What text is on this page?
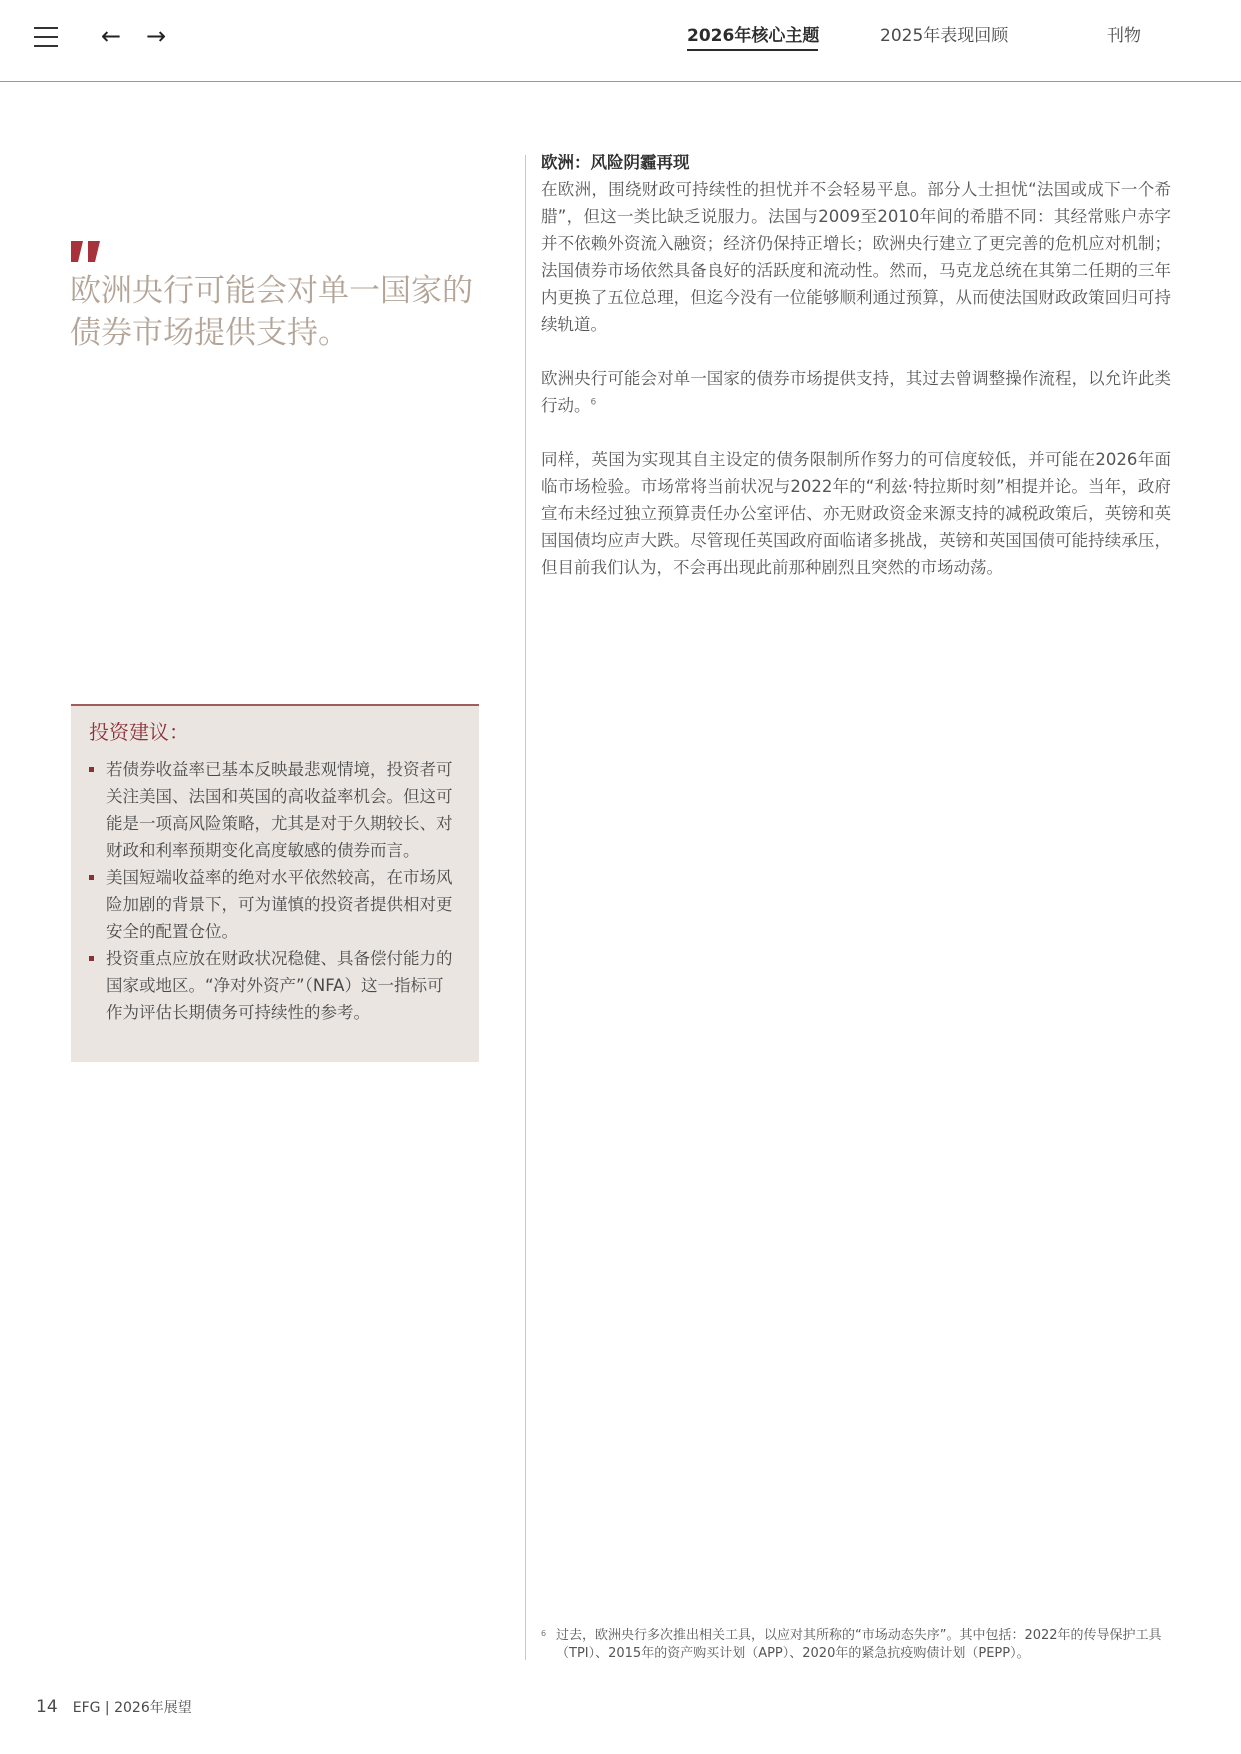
← →	2026年核心主题	2025年表现回顾	刊物
欧洲央行可能会对单一国家的债券市场提供支持。
投资建议：
若债券收益率已基本反映最悲观情境，投资者可关注美国、法国和英国的高收益率机会。但这可能是一项高风险策略，尤其是对于久期较长、对财政和利率预期变化高度敏感的债券而言。
美国短端收益率的绝对水平依然较高，在市场风险加剧的背景下，可为谨慎的投资者提供相对更安全的配置仓位。
投资重点应放在财政状况稳健、具备偿付能力的国家或地区。“净对外资产”（NFA）这一指标可作为评估长期债务可持续性的参考。
欧洲：风险阴霾再现

在欧洲，围绕财政可持续性的担忧并不会轻易平息。部分人士担忧“法国或成下一个希腊”，但这一类比缺乏说服力。法国与2009至2010年间的希腊不同：其经常账户赤字并不依赖外资流入融资；经济仍保持正增长；欧洲央行建立了更完善的危机应对机制；法国债券市场依然具备良好的活跃度和流动性。然而，马克龙总统在其第二任期的三年内更换了五位总理，但迄今没有一位能够顺利通过预算，从而使法国财政政策回归可持续轨道。

欧洲央行可能会对单一国家的债券市场提供支持，其过去曾调整操作流程，以允许此类行动。$^6$

同样，英国为实现其自主设定的债务限制所作努力的可信度较低，并可能在2026年面临市场检验。市场常将当前状况与2022年的“利兹·特拉斯时刻”相提并论。当年，政府宣布未经过独立预算责任办公室评估、亦无财政资金来源支持的减税政策后，英镑和英国国债均应声大跌。尽管现任英国政府面临诸多挑战，英镑和英国国债可能持续承压，但目前我们认为，不会再出现此前那种剧烈且突然的市场动荡。

6 过去，欧洲央行多次推出相关工具，以应对其所称的“市场动态失序”。其中包括：2022年的传导保护工具（TPI）、2015年的资产购买计划（APP）、2020年的紧急抗疫购债计划（PEPP）。
14 EFG | 2026年展望
